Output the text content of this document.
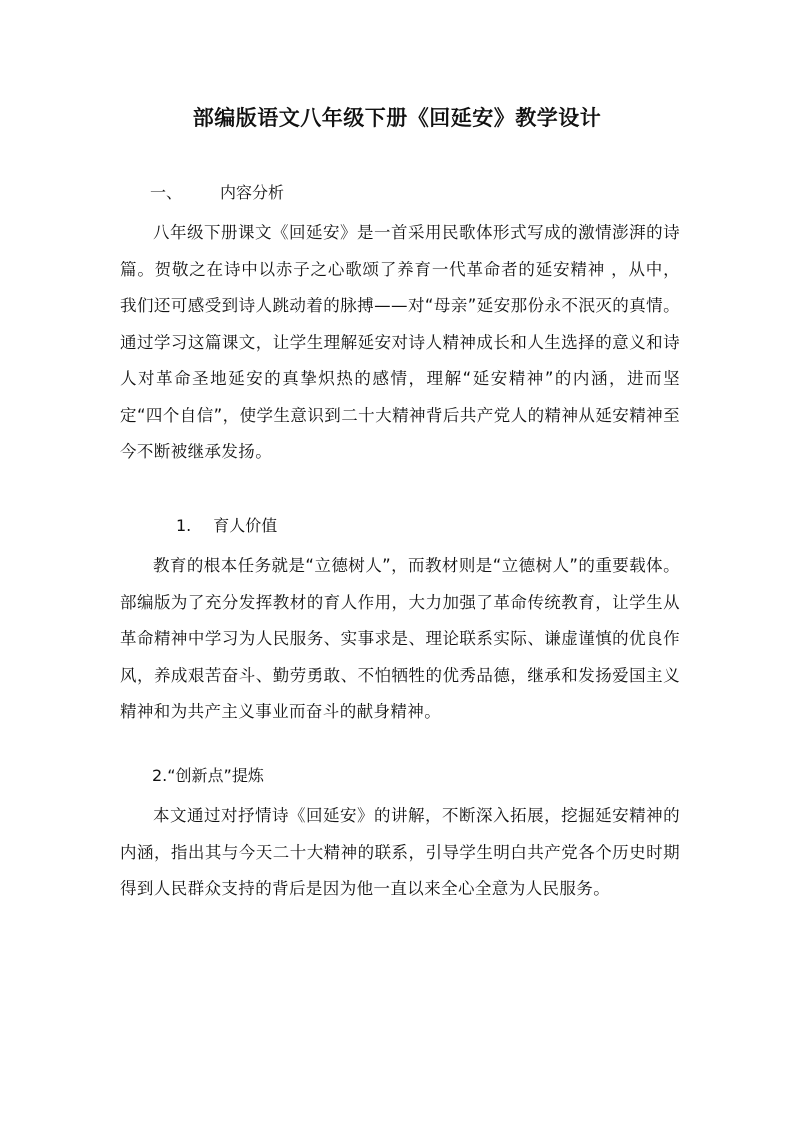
部编版语文八年级下册《回延安》教学设计
一、 内容分析
八年级下册课文《回延安》是一首采用民歌体形式写成的激情澎湃的诗篇。贺敬之在诗中以赤子之心歌颂了养育一代革命者的延安精神 ，从中，我们还可感受到诗人跳动着的脉搏——对“母亲”延安那份永不泯灭的真情。通过学习这篇课文，让学生理解延安对诗人精神成长和人生选择的意义和诗人对革命圣地延安的真挚炽热的感情，理解“延安精神”的内涵，进而坚定“四个自信”，使学生意识到二十大精神背后共产党人的精神从延安精神至今不断被继承发扬。
1. 育人价值
教育的根本任务就是“立德树人”，而教材则是“立德树人”的重要载体。部编版为了充分发挥教材的育人作用，大力加强了革命传统教育，让学生从革命精神中学习为人民服务、实事求是、理论联系实际、谦虚谨慎的优良作风，养成艰苦奋斗、勤劳勇敢、不怕牺牲的优秀品德，继承和发扬爱国主义精神和为共产主义事业而奋斗的献身精神。
2.“创新点”提炼
本文通过对抒情诗《回延安》的讲解，不断深入拓展，挖掘延安精神的内涵，指出其与今天二十大精神的联系，引导学生明白共产党各个历史时期得到人民群众支持的背后是因为他一直以来全心全意为人民服务。
